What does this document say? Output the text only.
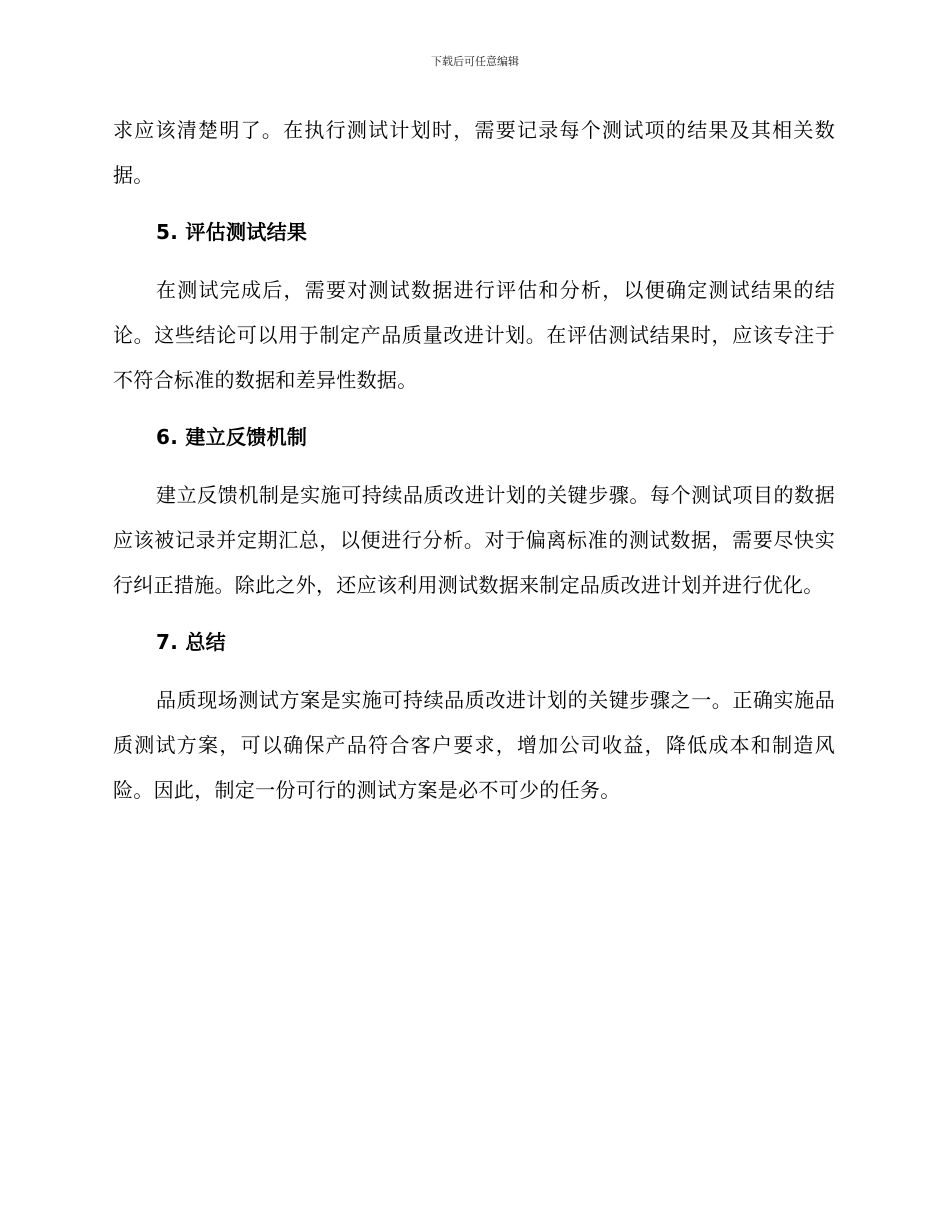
下载后可任意编辑

求应该清楚明了。在执行测试计划时，需要记录每个测试项的结果及其相关数据。

5. 评估测试结果

在测试完成后，需要对测试数据进行评估和分析，以便确定测试结果的结论。这些结论可以用于制定产品质量改进计划。在评估测试结果时，应该专注于不符合标准的数据和差异性数据。

6. 建立反馈机制

建立反馈机制是实施可持续品质改进计划的关键步骤。每个测试项目的数据应该被记录并定期汇总，以便进行分析。对于偏离标准的测试数据，需要尽快实行纠正措施。除此之外，还应该利用测试数据来制定品质改进计划并进行优化。

7. 总结

品质现场测试方案是实施可持续品质改进计划的关键步骤之一。正确实施品质测试方案，可以确保产品符合客户要求，增加公司收益，降低成本和制造风险。因此，制定一份可行的测试方案是必不可少的任务。
